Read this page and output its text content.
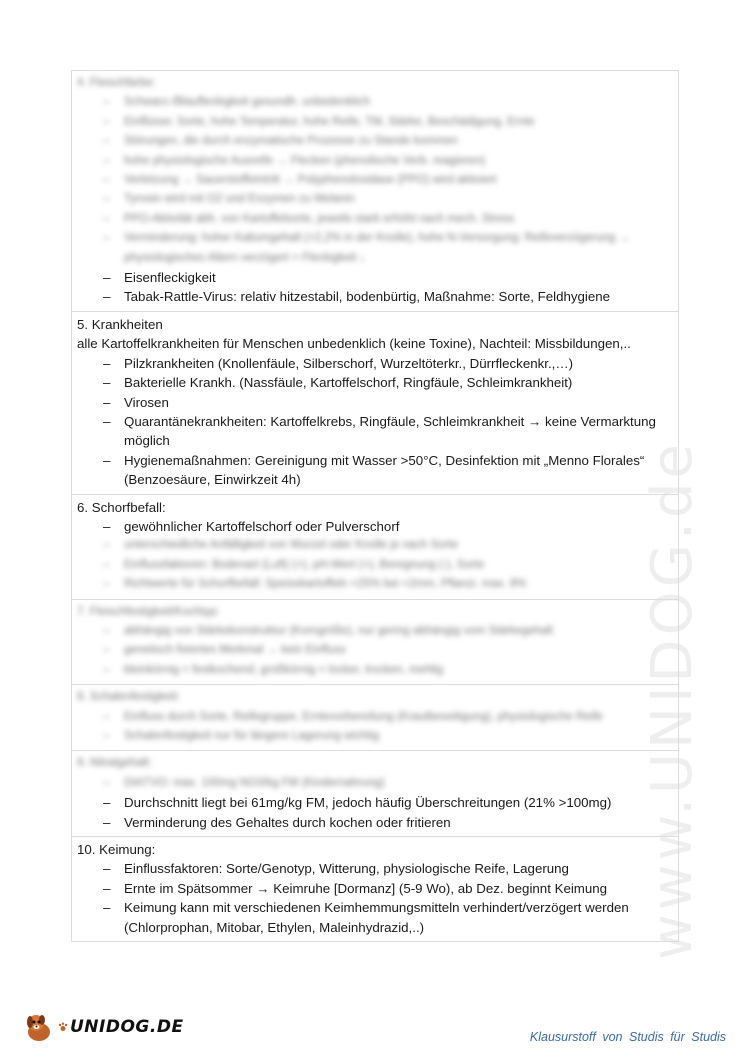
www.UNIDOG.de

4. Fleischfarbe:

– Schwarz-/Blaufleckigkeit gesundh. unbedenklich
– Einflüsse: Sorte, hohe Temperatur, hohe Reife, TM, Stärke, Beschädigung, Ernte
– Störungen, die durch enzymatische Prozesse zu Stande kommen
– hohe physiologische Ausreife → Flecken (phenolische Verb. reagieren)
– Verletzung → Sauerstoffeintritt → Polyphenoloxidase (PPO) wird aktiviert
– Tyrosin wird mit O2 und Enzymen zu Melanin
– PPO-Aktivität abh. von Kartoffelsorte, jeweils stark erhöht nach mech. Stress
– Verminderung: hoher Kaliumgehalt (>2,2% in der Knolle), hohe N-Versorgung: Reifeverzögerung → physiologisches Altern verzögert = Fleckigkeit ↓
– Eisenfleckigkeit
– Tabak-Rattle-Virus: relativ hitzestabil, bodenbürtig, Maßnahme: Sorte, Feldhygiene

5. Krankheiten

alle Kartoffelkrankheiten für Menschen unbedenklich (keine Toxine), Nachteil: Missbildungen,..

– Pilzkrankheiten (Knollenfäule, Silberschorf, Wurzeltöterkr., Dürrfleckenkr.,…)
– Bakterielle Krankh. (Nassfäule, Kartoffelschorf, Ringfäule, Schleimkrankheit)
– Virosen
– Quarantänekrankheiten: Kartoffelkrebs, Ringfäule, Schleimkrankheit → keine Vermarktung möglich
– Hygienemaßnahmen: Gereinigung mit Wasser >50°C, Desinfektion mit „Menno Florales“ (Benzoesäure, Einwirkzeit 4h)

6. Schorfbefall:

– gewöhnlicher Kartoffelschorf oder Pulverschorf
– unterschiedliche Anfälligkeit von Wurzel oder Knolle je nach Sorte
– Einflussfaktoren: Bodenart (Luft) (+), pH-Wert (+), Beregnung (-), Sorte
– Richtwerte für Schorfbefall: Speisekartoffeln <25% bei <2mm, Pflanzi. max. 8%

7. Fleischfestigkeit/Kochtyp:

– abhängig von Stärkekonstruktur (Korngröße), nur gering abhängig vom Stärkegehalt
– genetisch fixiertes Merkmal → kein Einfluss
– kleinkörnig = festkochend, großkörnig = locker, trocken, mehlig

8. Schalenfestigkeit:

– Einfluss durch Sorte, Reifegruppe, Erntevorbereitung (Krautbeseitigung), physiologische Reife
– Schalenfestigkeit nur für längere Lagerung wichtig

9. Nitratgehalt:

– DIÄTVO: max. 100mg NO3/kg FM (Kindernahrung)
– Durchschnitt liegt bei 61mg/kg FM, jedoch häufig Überschreitungen (21% >100mg)
– Verminderung des Gehaltes durch kochen oder fritieren

10. Keimung:

– Einflussfaktoren: Sorte/Genotyp, Witterung, physiologische Reife, Lagerung
– Ernte im Spätsommer → Keimruhe [Dormanz] (5-9 Wo), ab Dez. beginnt Keimung
– Keimung kann mit verschiedenen Keimhemmungsmitteln verhindert/verzögert werden (Chlorprophan, Mitobar, Ethylen, Maleinhydrazid,..)
UNIDOG.DE	Klausurstoff von Studis für Studis
